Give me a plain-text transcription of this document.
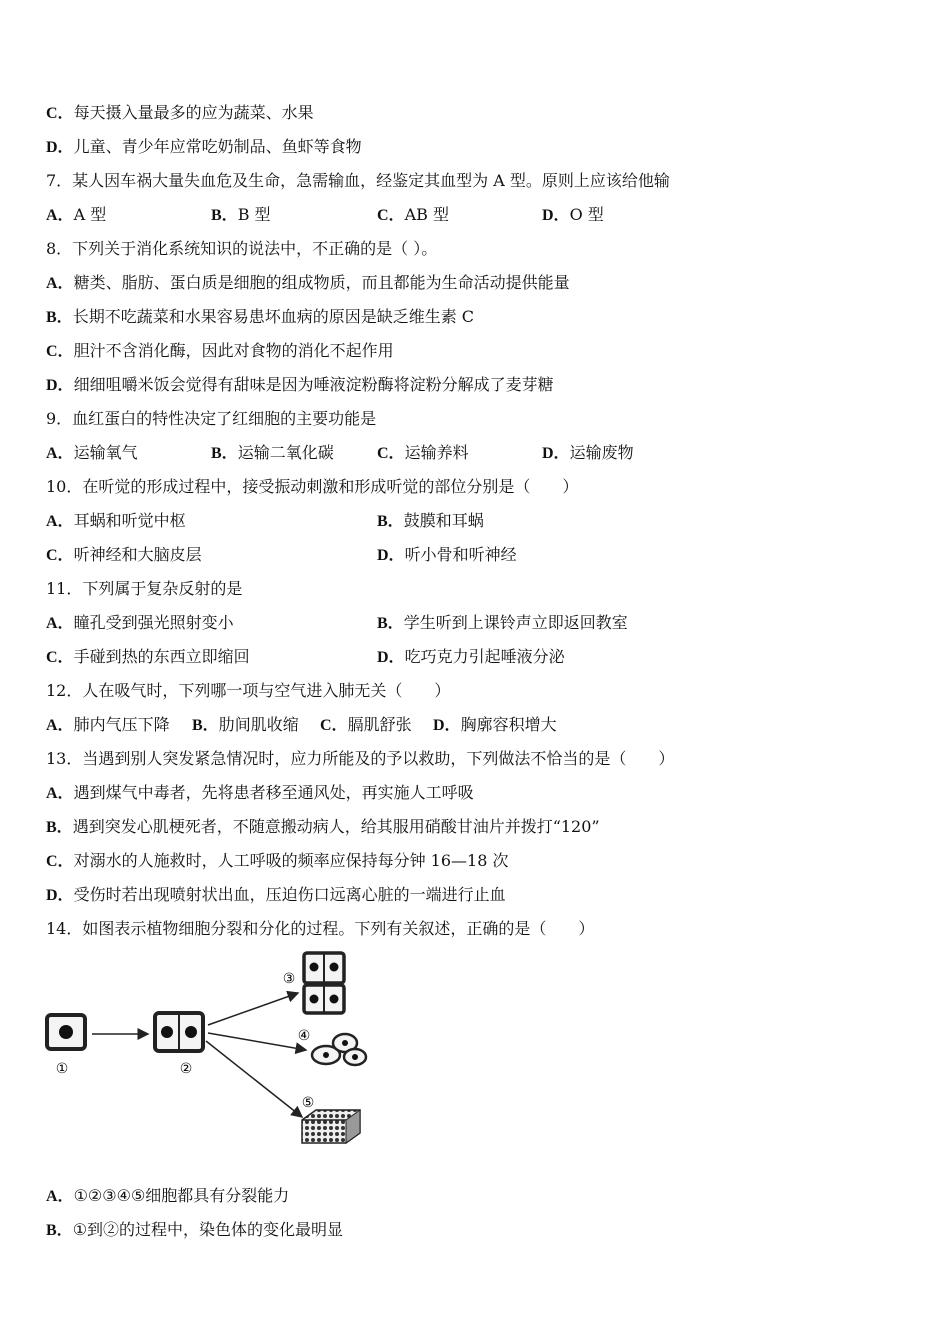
C．每天摄入量最多的应为蔬菜、水果
D．儿童、青少年应常吃奶制品、鱼虾等食物
7．某人因车祸大量失血危及生命，急需输血，经鉴定其血型为 A 型。原则上应该给他输
A．A 型	B．B 型	C．AB 型	D．O 型
8．下列关于消化系统知识的说法中，不正确的是（ ）。
A．糖类、脂肪、蛋白质是细胞的组成物质，而且都能为生命活动提供能量
B．长期不吃蔬菜和水果容易患坏血病的原因是缺乏维生素 C
C．胆汁不含消化酶，因此对食物的消化不起作用
D．细细咀嚼米饭会觉得有甜味是因为唾液淀粉酶将淀粉分解成了麦芽糖
9．血红蛋白的特性决定了红细胞的主要功能是
A．运输氧气	B．运输二氧化碳	C．运输养料	D．运输废物
10．在听觉的形成过程中，接受振动刺激和形成听觉的部位分别是（　　）
A．耳蜗和听觉中枢	B．鼓膜和耳蜗
C．听神经和大脑皮层	D．听小骨和听神经
11．下列属于复杂反射的是
A．瞳孔受到强光照射变小	B．学生听到上课铃声立即返回教室
C．手碰到热的东西立即缩回	D．吃巧克力引起唾液分泌
12．人在吸气时，下列哪一项与空气进入肺无关（　　）
A．肺内气压下降 B．肋间肌收缩 C．膈肌舒张 D．胸廓容积增大
13．当遇到别人突发紧急情况时，应力所能及的予以救助，下列做法不恰当的是（　　）
A．遇到煤气中毒者，先将患者移至通风处，再实施人工呼吸
B．遇到突发心肌梗死者，不随意搬动病人，给其服用硝酸甘油片并拨打“120”
C．对溺水的人施救时，人工呼吸的频率应保持每分钟 16—18 次
D．受伤时若出现喷射状出血，压迫伤口远离心脏的一端进行止血
14．如图表示植物细胞分裂和分化的过程。下列有关叙述，正确的是（　　）
A．①②③④⑤细胞都具有分裂能力
B．①到②的过程中，染色体的变化最明显
①	②
③
④
⑤
